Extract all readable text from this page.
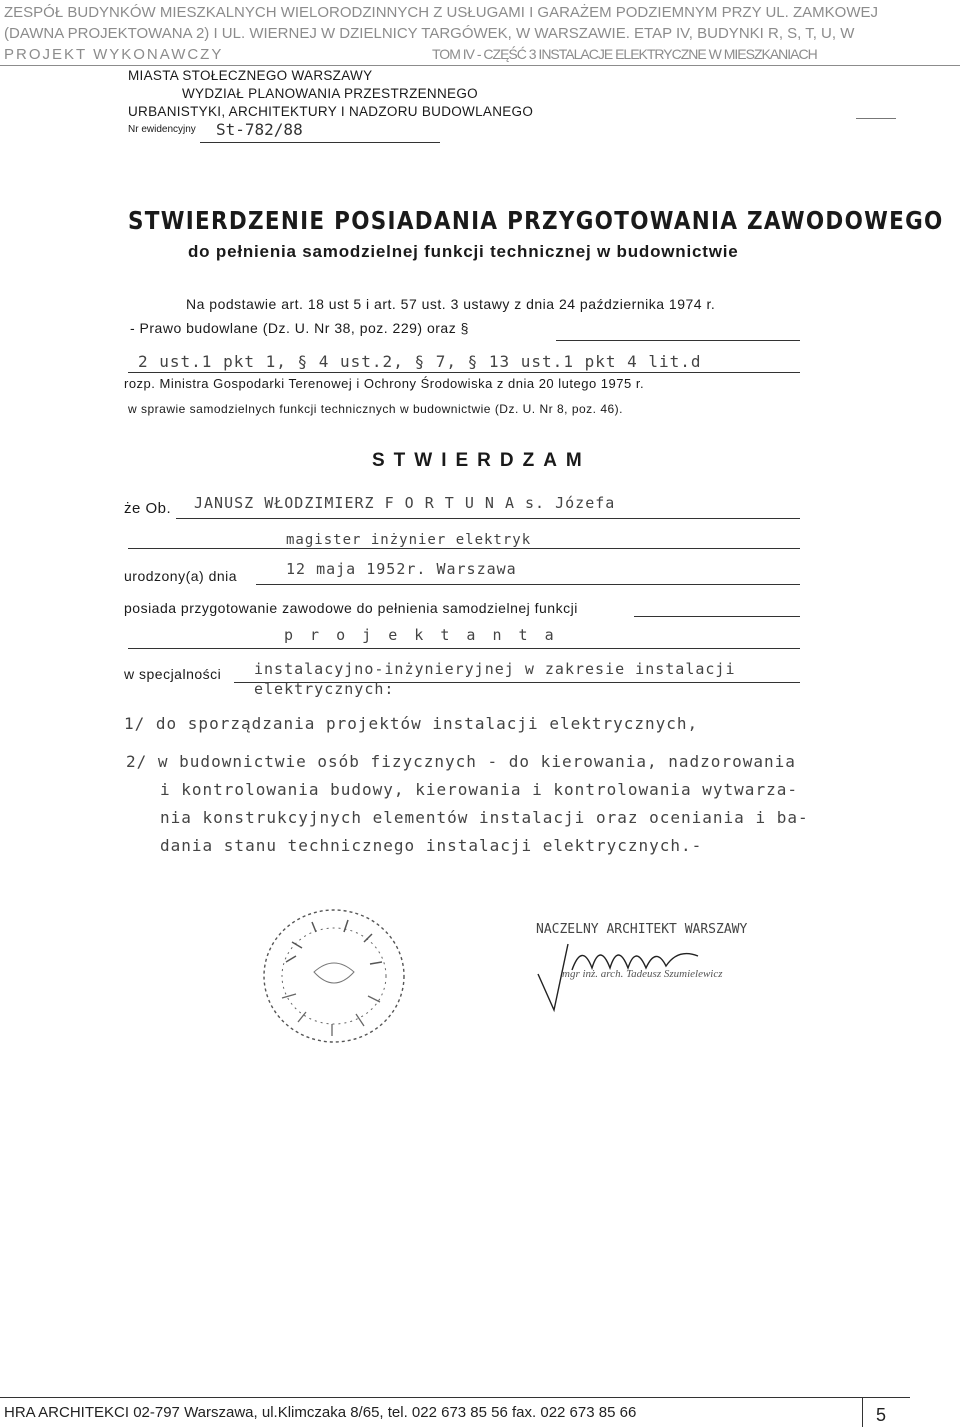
ZESPÓŁ BUDYNKÓW MIESZKALNYCH WIELORODZINNYCH Z USŁUGAMI I GARAŻEM PODZIEMNYM PRZY UL. ZAMKOWEJ
(DAWNA PROJEKTOWANA 2) I UL. WIERNEJ W DZIELNICY TARGÓWEK, W WARSZAWIE. ETAP IV, BUDYNKI R, S, T, U, W
PROJEKT WYKONAWCZY	TOM IV - CZĘŚĆ 3 INSTALACJE ELEKTRYCZNE W MIESZKANIACH
MIASTA STOŁECZNEGO WARSZAWY
WYDZIAŁ PLANOWANIA PRZESTRZENNEGO
URBANISTYKI, ARCHITEKTURY I NADZORU BUDOWLANEGO
Nr ewidencyjny St-782/88
STWIERDZENIE POSIADANIA PRZYGOTOWANIA ZAWODOWEGO
do pełnienia samodzielnej funkcji technicznej w budownictwie
Na podstawie art. 18 ust 5 i art. 57 ust. 3 ustawy z dnia 24 października 1974 r.
- Prawo budowlane (Dz. U. Nr 38, poz. 229) oraz §
2 ust.1 pkt 1, § 4 ust.2, § 7, § 13 ust.1 pkt 4 lit.d
rozp. Ministra Gospodarki Terenowej i Ochrony Środowiska z dnia 20 lutego 1975 r.
w sprawie samodzielnych funkcji technicznych w budownictwie (Dz. U. Nr 8, poz. 46).
STWIERDZAM
że Ob. JANUSZ WŁODZIMIERZ F O R T U N A s. Józefa
magister inżynier elektryk
urodzony(a) dnia	12 maja 1952r. Warszawa
posiada przygotowanie zawodowe do pełnienia samodzielnej funkcji
p r o j e k t a n t a
w specjalności instalacyjno-inżynieryjnej w zakresie instalacji
elektrycznych:
1/ do sporządzania projektów instalacji elektrycznych,
2/ w budownictwie osób fizycznych - do kierowania, nadzorowania
i kontrolowania budowy, kierowania i kontrolowania wytwarza-
nia konstrukcyjnych elementów instalacji oraz oceniania i ba-
dania stanu technicznego instalacji elektrycznych.-
NACZELNY ARCHITEKT WARSZAWY
mgr inż. arch. Tadeusz Szumielewicz
HRA ARCHITEKCI 02-797 Warszawa, ul.Klimczaka 8/65, tel. 022 673 85 56 fax. 022 673 85 66	5
